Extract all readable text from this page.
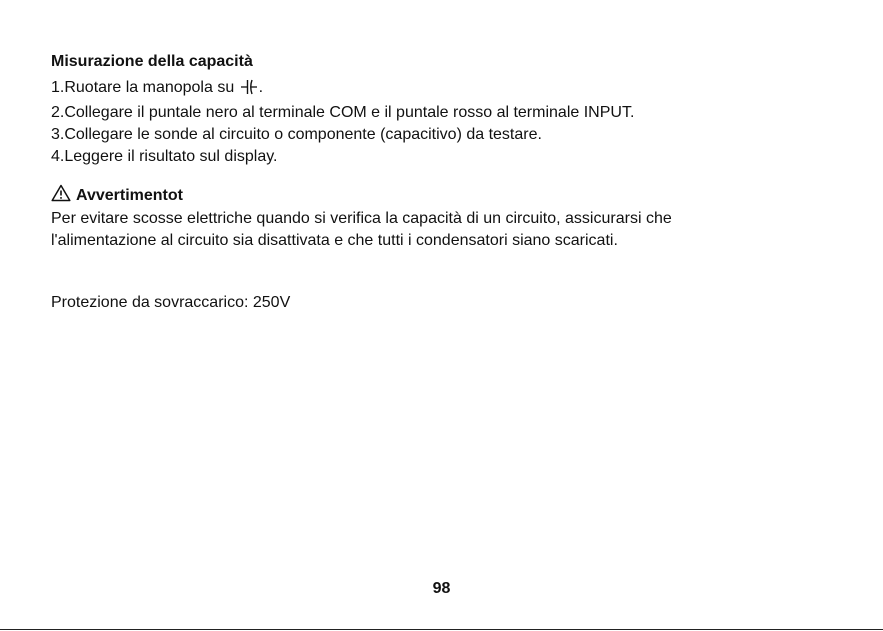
Misurazione della capacità
1.Ruotare la manopola su .
2.Collegare il puntale nero al terminale COM e il puntale rosso al terminale INPUT.
3.Collegare le sonde al circuito o componente (capacitivo) da testare.
4.Leggere il risultato sul display.
Avvertimentot

Per evitare scosse elettriche quando si verifica la capacità di un circuito, assicurarsi che
l'alimentazione al circuito sia disattivata e che tutti i condensatori siano scaricati.

Protezione da sovraccarico: 250V

98
